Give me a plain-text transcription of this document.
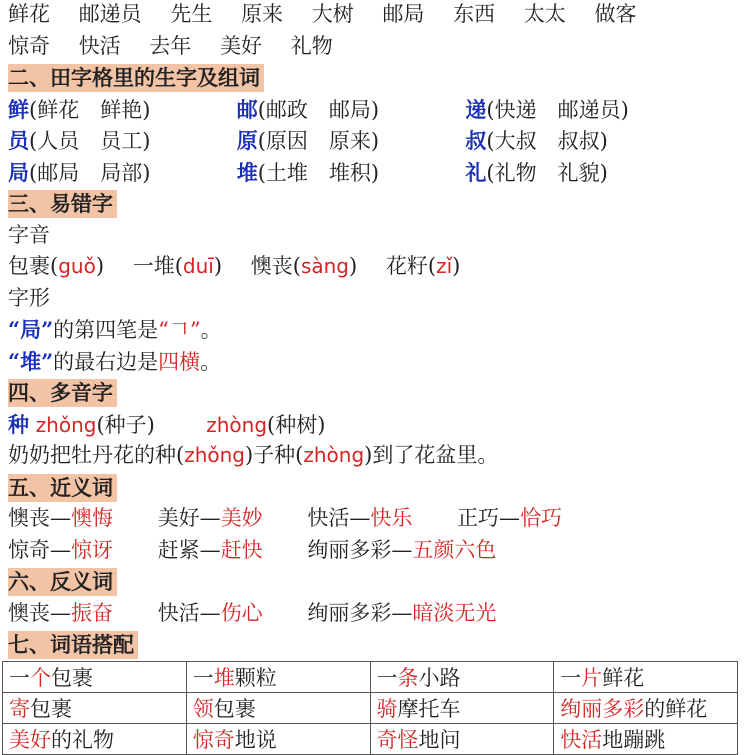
鲜花 邮递员 先生 原来 大树 邮局 东西 太太 做客
惊奇 快活 去年 美好 礼物
二、田字格里的生字及组词
鲜(鲜花　鲜艳)	邮(邮政　邮局)	递(快递　邮递员)
员(人员　员工)	原(原因　原来)	叔(大叔　叔叔)
局(邮局　局部)	堆(土堆　堆积)	礼(礼物　礼貌)
三、易错字
字音
包裹(guǒ) 一堆(duī) 懊丧(sàng) 花籽(zǐ)
字形
“局”的第四笔是“𠃍”。
“堆”的最右边是四横。
四、多音字
种 zhǒng(种子)	zhòng(种树)
奶奶把牡丹花的种(zhǒng)子种(zhòng)到了花盆里。
五、近义词
懊丧—懊悔 美好—美妙 快活—快乐 正巧—恰巧
惊奇—惊讶 赶紧—赶快 绚丽多彩—五颜六色
六、反义词
懊丧—振奋 快活—伤心 绚丽多彩—暗淡无光
七、词语搭配
一个包裹	一堆颗粒	一条小路	一片鲜花
寄包裹	领包裹	骑摩托车	绚丽多彩的鲜花
美好的礼物	惊奇地说	奇怪地问	快活地蹦跳
